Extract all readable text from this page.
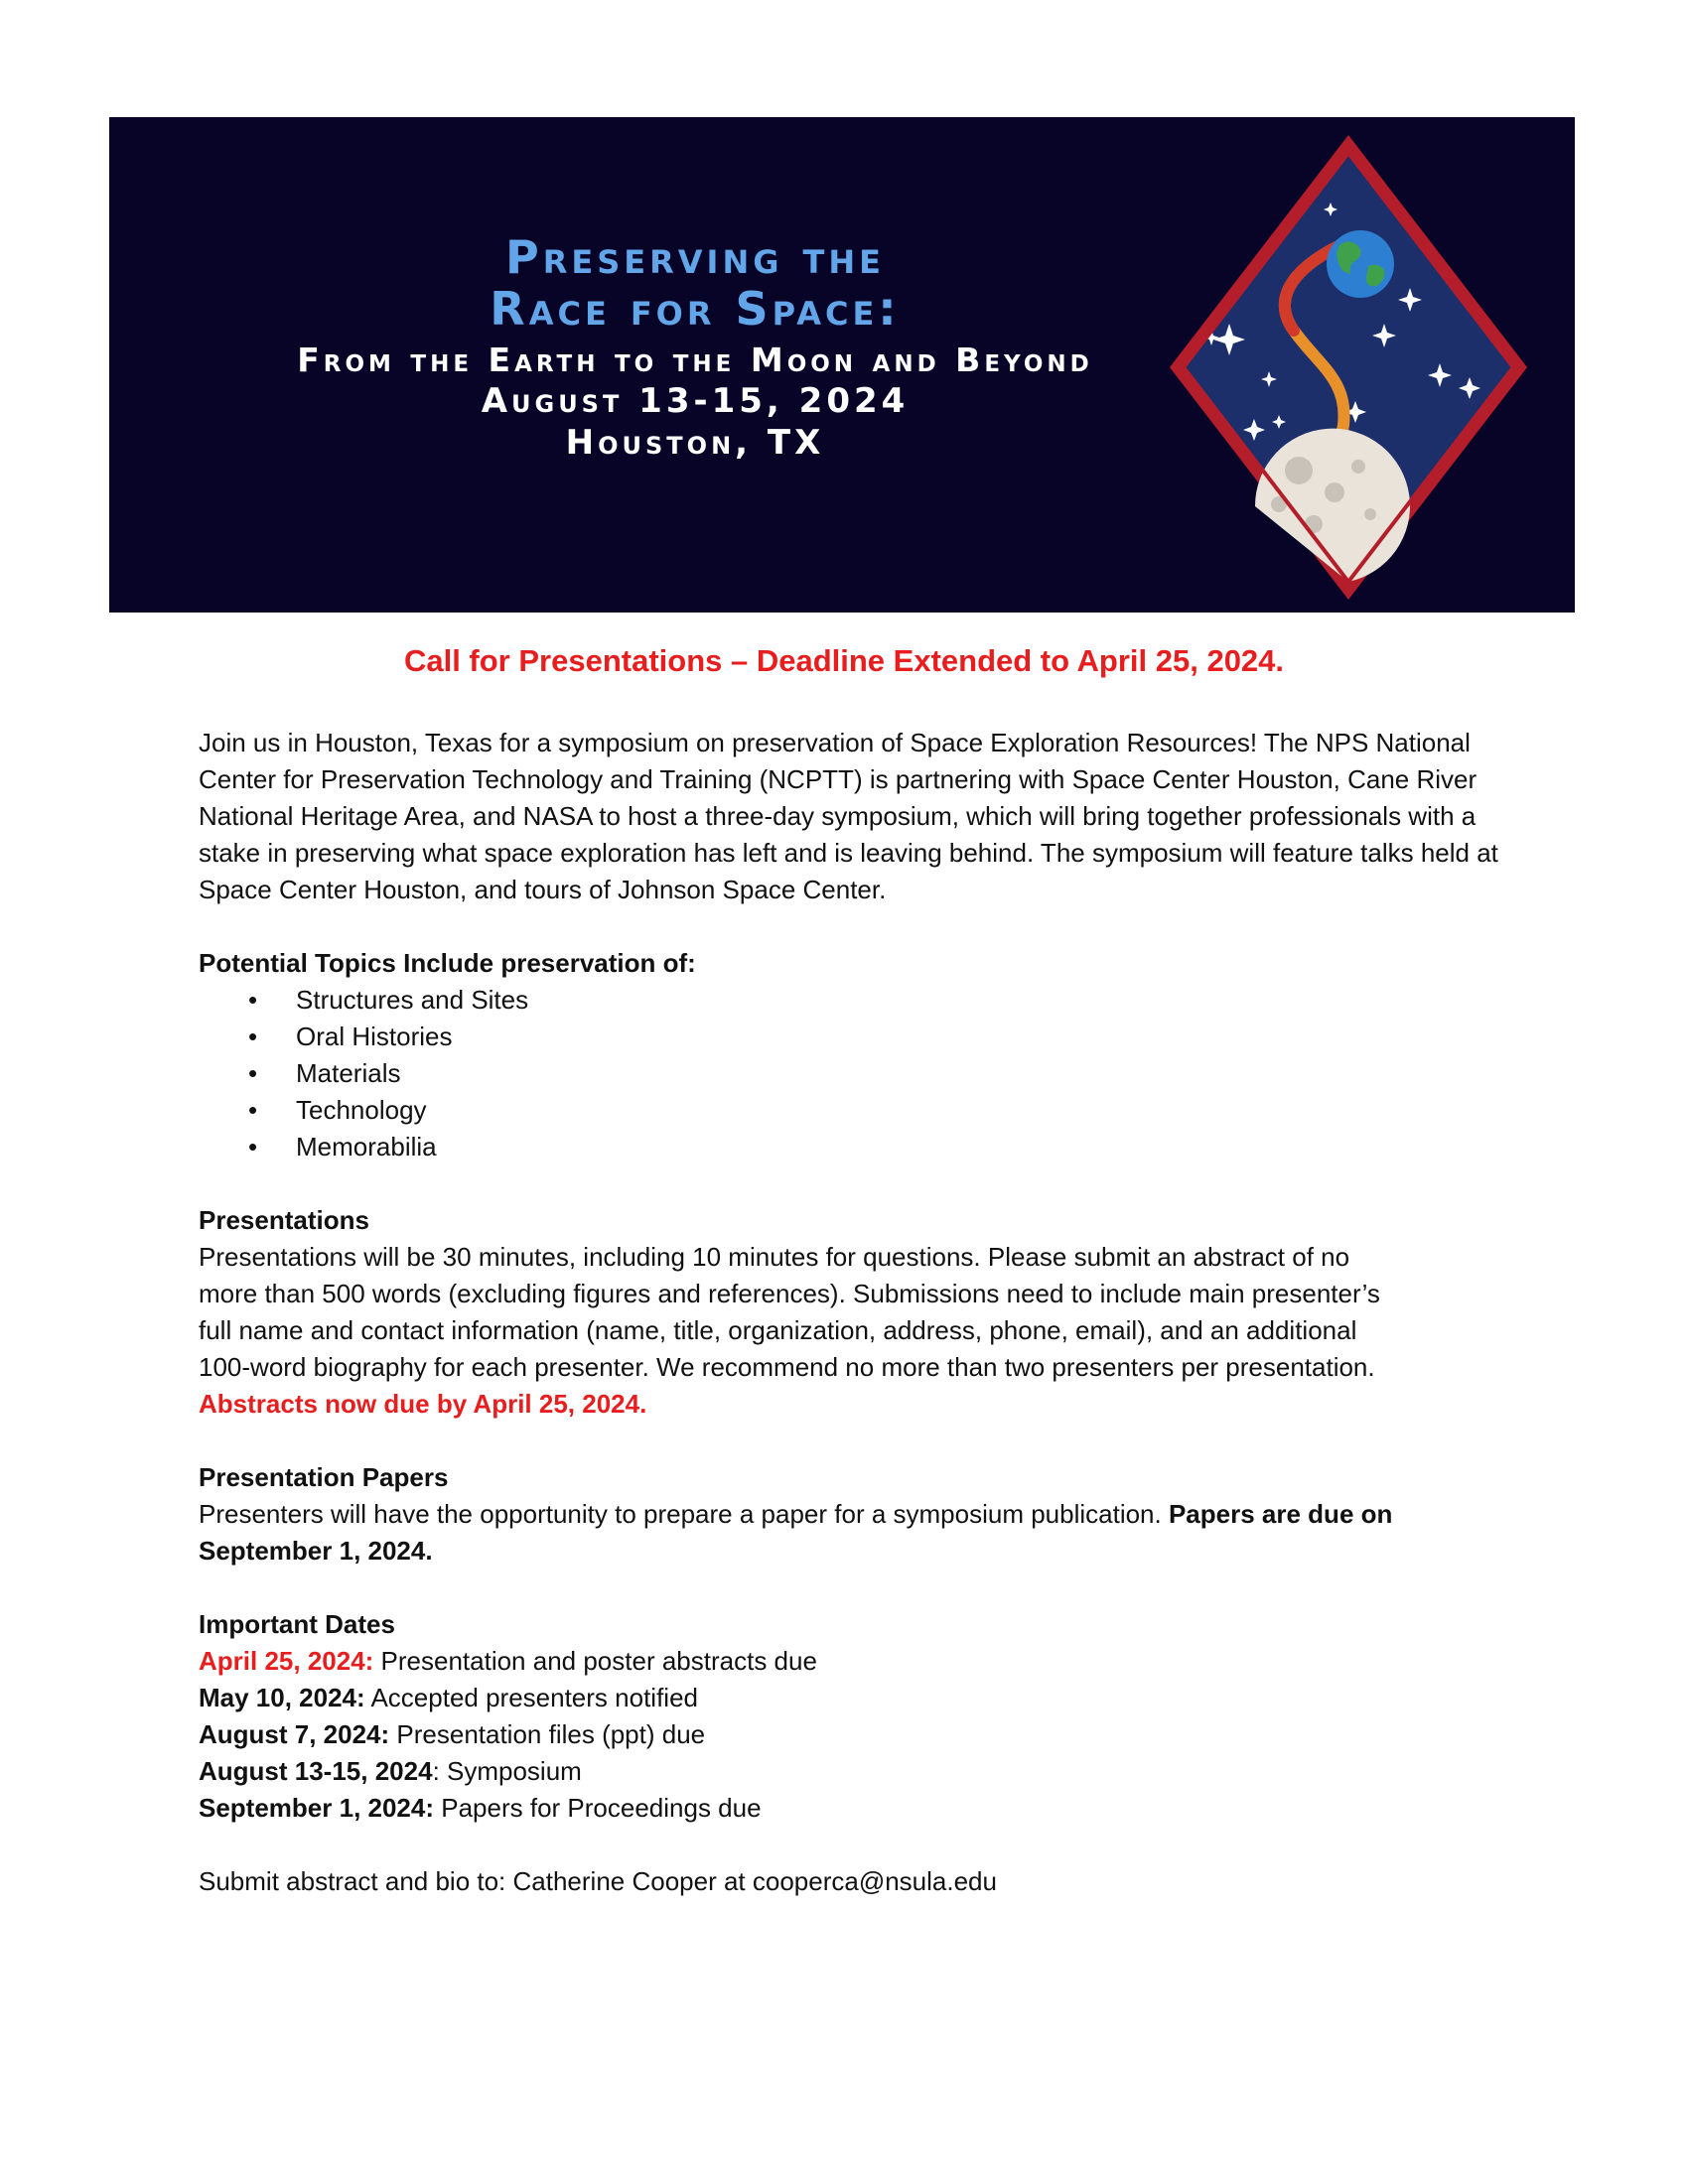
Preserving the
Race for Space:
From the Earth to the Moon and Beyond
August 13-15, 2024
Houston, TX
Call for Presentations – Deadline Extended to April 25, 2024.

Join us in Houston, Texas for a symposium on preservation of Space Exploration Resources! The NPS National Center for Preservation Technology and Training (NCPTT) is partnering with Space Center Houston, Cane River National Heritage Area, and NASA to host a three-day symposium, which will bring together professionals with a stake in preserving what space exploration has left and is leaving behind. The symposium will feature talks held at Space Center Houston, and tours of Johnson Space Center.

Potential Topics Include preservation of:

• Structures and Sites
• Oral Histories
• Materials
• Technology
• Memorabilia

Presentations

Presentations will be 30 minutes, including 10 minutes for questions. Please submit an abstract of no more than 500 words (excluding figures and references). Submissions need to include main presenter’s full name and contact information (name, title, organization, address, phone, email), and an additional 100-word biography for each presenter. We recommend no more than two presenters per presentation. Abstracts now due by April 25, 2024.

Presentation Papers

Presenters will have the opportunity to prepare a paper for a symposium publication. Papers are due on September 1, 2024.

Important Dates

April 25, 2024: Presentation and poster abstracts due

May 10, 2024: Accepted presenters notified

August 7, 2024: Presentation files (ppt) due

August 13-15, 2024: Symposium

September 1, 2024: Papers for Proceedings due

Submit abstract and bio to: Catherine Cooper at cooperca@nsula.edu
